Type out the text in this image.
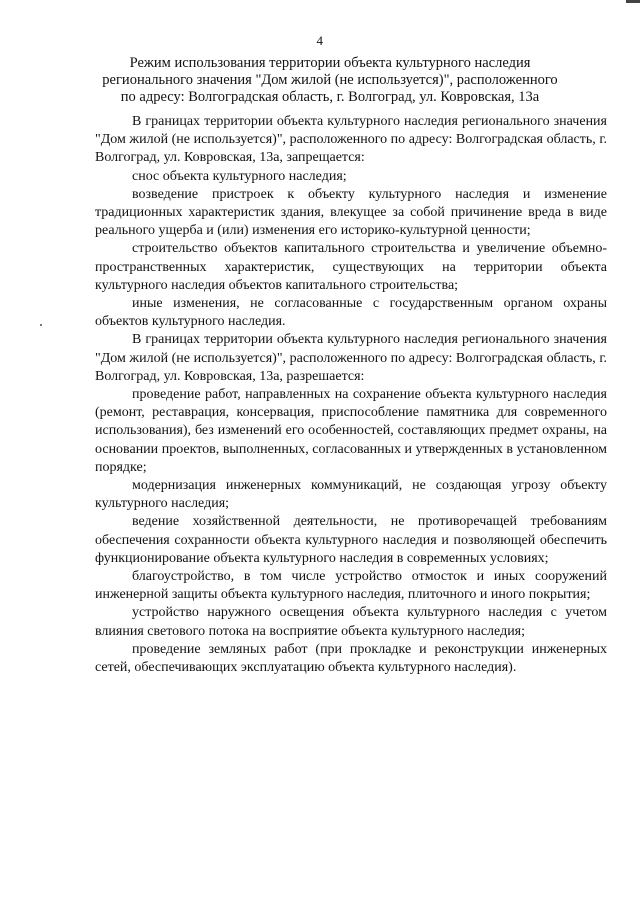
4
Режим использования территории объекта культурного наследия
регионального значения "Дом жилой (не используется)", расположенного
по адресу: Волгоградская область, г. Волгоград, ул. Ковровская, 13а

В границах территории объекта культурного наследия регионального значения "Дом жилой (не используется)", расположенного по адресу: Волгоградская область, г. Волгоград, ул. Ковровская, 13а, запрещается:

снос объекта культурного наследия;

возведение пристроек к объекту культурного наследия и изменение традиционных характеристик здания, влекущее за собой причинение вреда в виде реального ущерба и (или) изменения его историко-культурной ценности;

строительство объектов капитального строительства и увеличение объемно-пространственных характеристик, существующих на территории объекта культурного наследия объектов капитального строительства;

иные изменения, не согласованные с государственным органом охраны объектов культурного наследия.

В границах территории объекта культурного наследия регионального значения "Дом жилой (не используется)", расположенного по адресу: Волгоградская область, г. Волгоград, ул. Ковровская, 13а, разрешается:

проведение работ, направленных на сохранение объекта культурного наследия (ремонт, реставрация, консервация, приспособление памятника для современного использования), без изменений его особенностей, составляющих предмет охраны, на основании проектов, выполненных, согласованных и утвержденных в установленном порядке;

модернизация инженерных коммуникаций, не создающая угрозу объекту культурного наследия;

ведение хозяйственной деятельности, не противоречащей требованиям обеспечения сохранности объекта культурного наследия и позволяющей обеспечить функционирование объекта культурного наследия в современных условиях;

благоустройство, в том числе устройство отмосток и иных сооружений инженерной защиты объекта культурного наследия, плиточного и иного покрытия;

устройство наружного освещения объекта культурного наследия с учетом влияния светового потока на восприятие объекта культурного наследия;

проведение земляных работ (при прокладке и реконструкции инженерных сетей, обеспечивающих эксплуатацию объекта культурного наследия).
